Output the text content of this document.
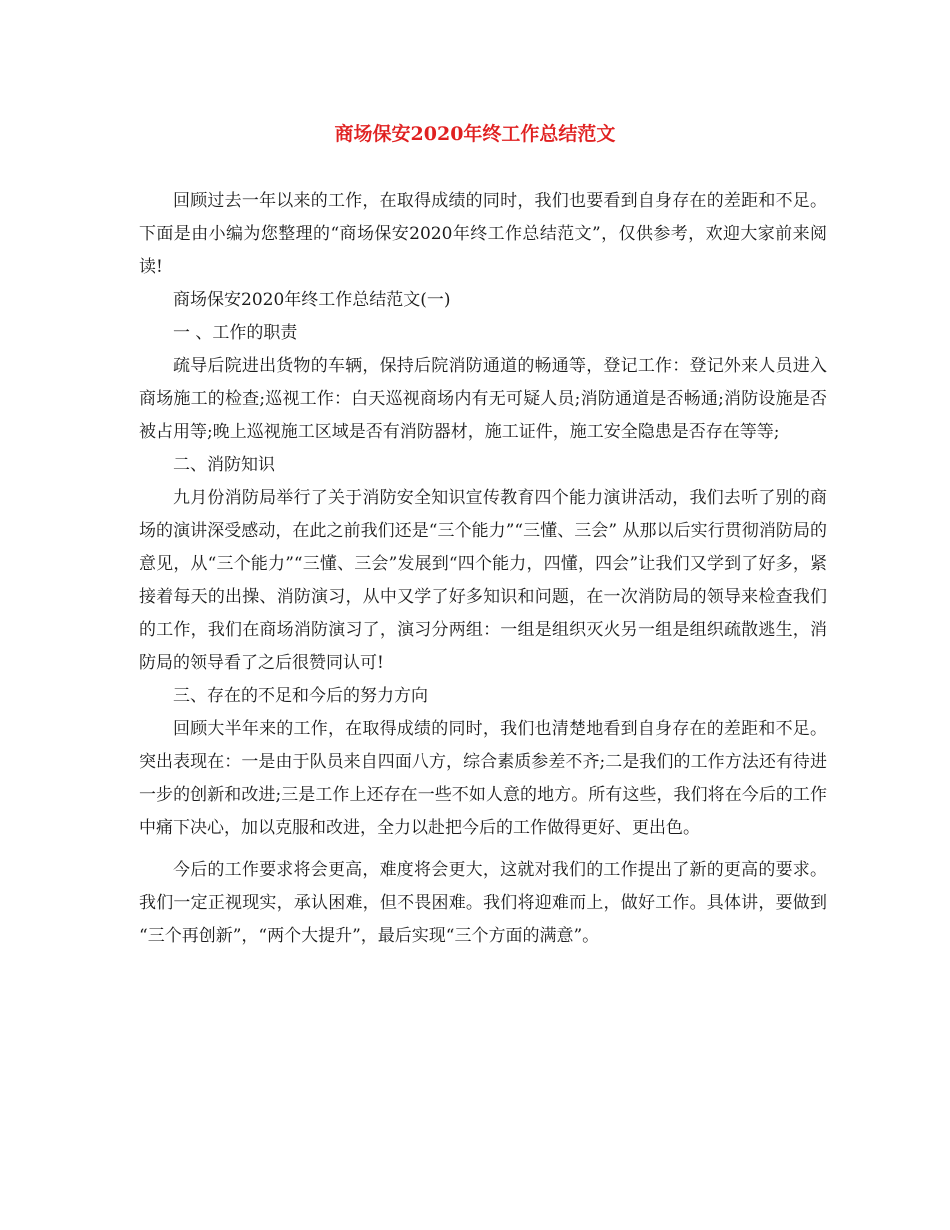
商场保安2020年终工作总结范文

回顾过去一年以来的工作，在取得成绩的同时，我们也要看到自身存在的差距和不足。下面是由小编为您整理的“商场保安2020年终工作总结范文”，仅供参考，欢迎大家前来阅读!

商场保安2020年终工作总结范文(一)

一 、工作的职责

疏导后院进出货物的车辆，保持后院消防通道的畅通等，登记工作：登记外来人员进入商场施工的检查;巡视工作：白天巡视商场内有无可疑人员;消防通道是否畅通;消防设施是否被占用等;晚上巡视施工区域是否有消防器材，施工证件，施工安全隐患是否存在等等;

二、消防知识

九月份消防局举行了关于消防安全知识宣传教育四个能力演讲活动，我们去听了别的商场的演讲深受感动，在此之前我们还是“三个能力”“三懂、三会” 从那以后实行贯彻消防局的意见，从“三个能力”“三懂、三会”发展到“四个能力，四懂，四会”让我们又学到了好多，紧接着每天的出操、消防演习，从中又学了好多知识和问题，在一次消防局的领导来检查我们的工作，我们在商场消防演习了，演习分两组：一组是组织灭火另一组是组织疏散逃生，消防局的领导看了之后很赞同认可!

三、存在的不足和今后的努力方向

回顾大半年来的工作，在取得成绩的同时，我们也清楚地看到自身存在的差距和不足。突出表现在：一是由于队员来自四面八方，综合素质参差不齐;二是我们的工作方法还有待进一步的创新和改进;三是工作上还存在一些不如人意的地方。所有这些，我们将在今后的工作中痛下决心，加以克服和改进，全力以赴把今后的工作做得更好、更出色。

今后的工作要求将会更高，难度将会更大，这就对我们的工作提出了新的更高的要求。我们一定正视现实，承认困难，但不畏困难。我们将迎难而上，做好工作。具体讲，要做到“三个再创新”，“两个大提升”，最后实现“三个方面的满意”。
